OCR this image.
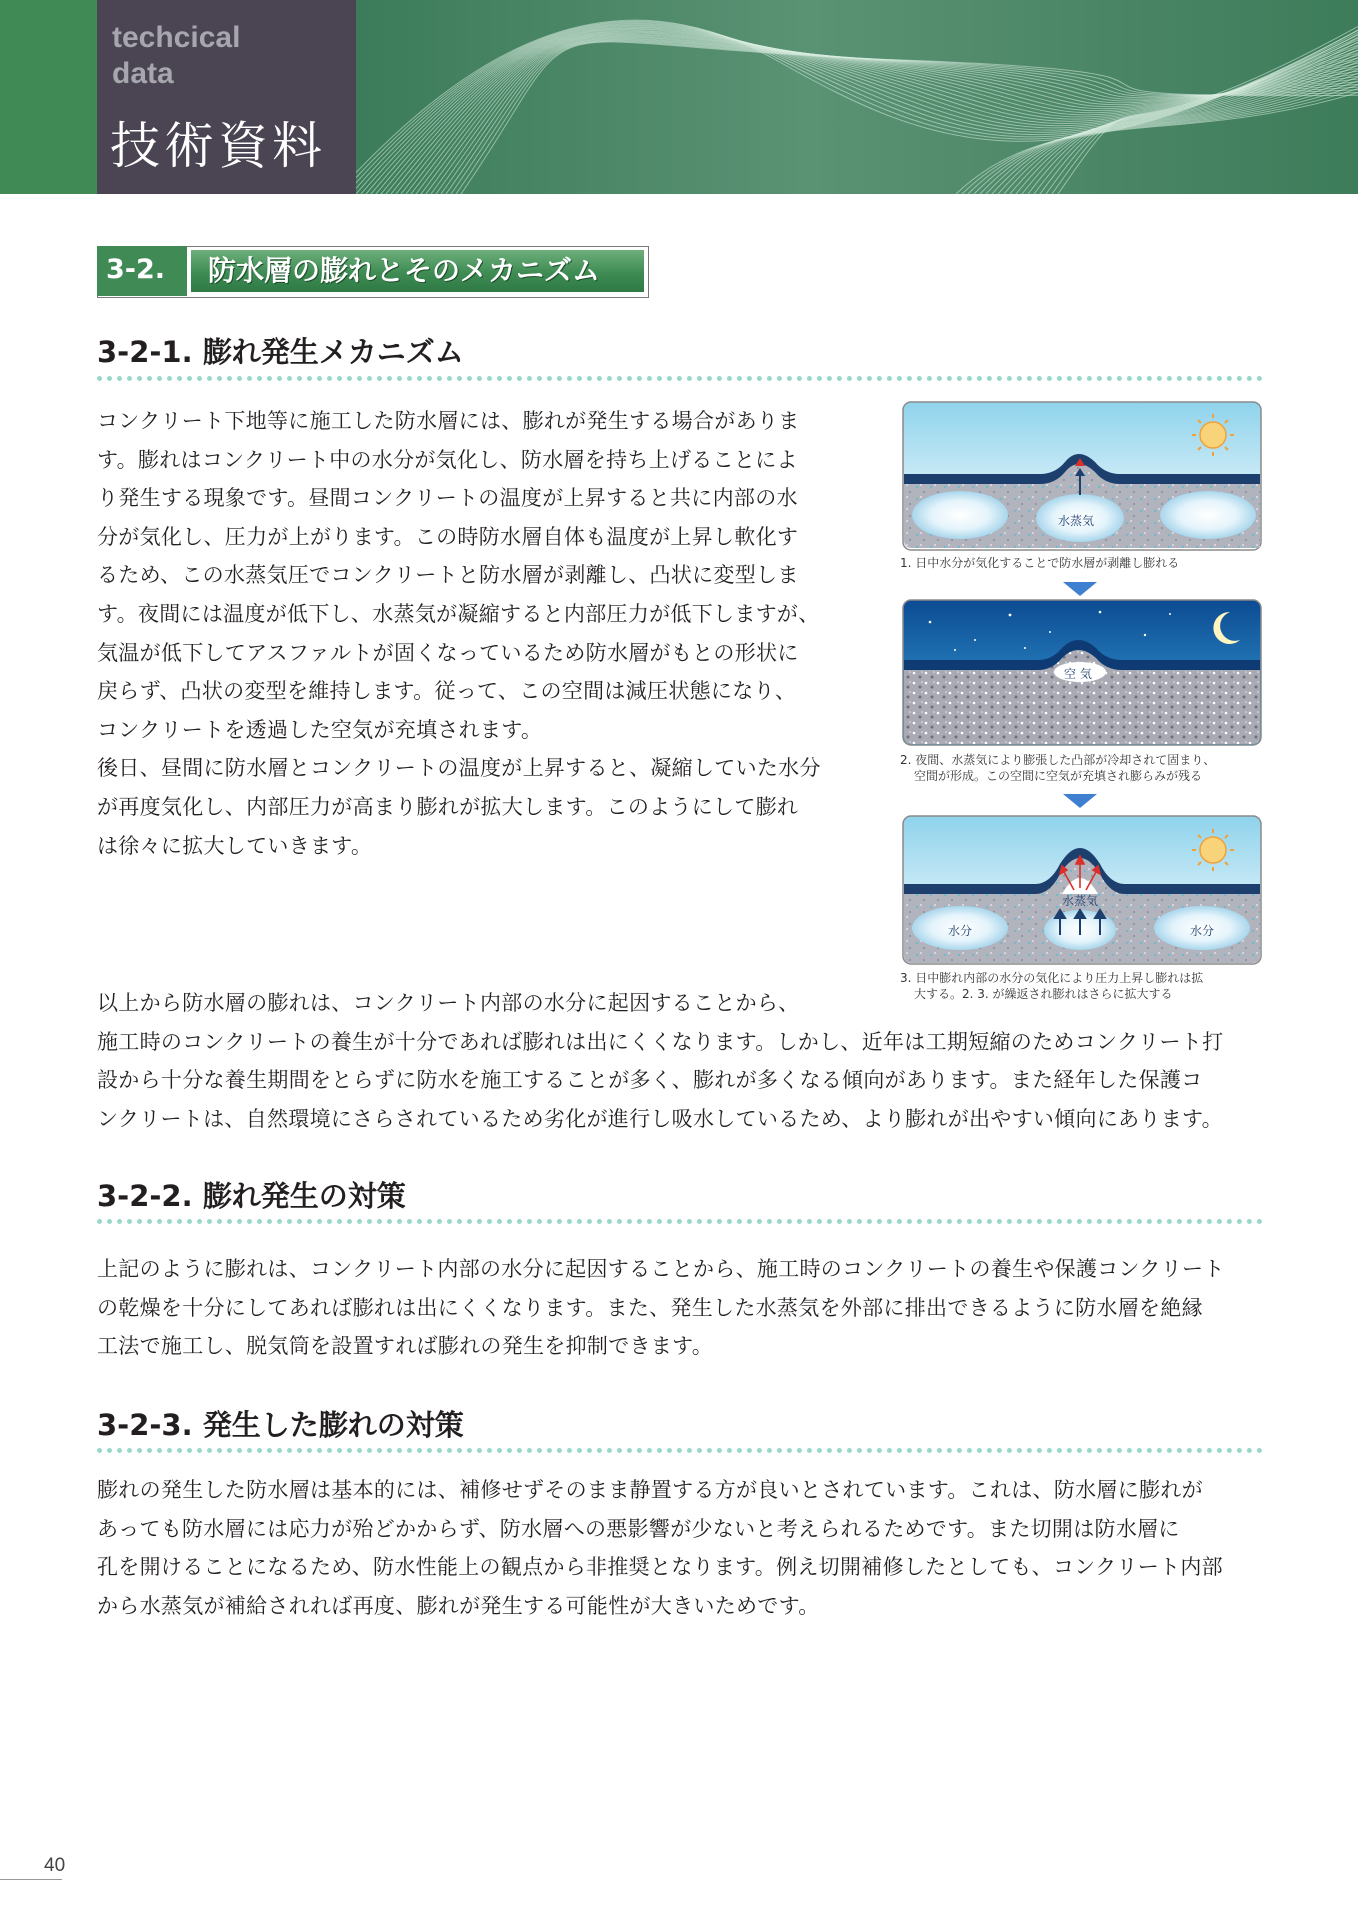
techcical
data

技術資料

3-2. 防水層の膨れとそのメカニズム
3-2-1. 膨れ発生メカニズム
コンクリート下地等に施工した防水層には、膨れが発生する場合がありま
す。膨れはコンクリート中の水分が気化し、防水層を持ち上げることによ
り発生する現象です。昼間コンクリートの温度が上昇すると共に内部の水
分が気化し、圧力が上がります。この時防水層自体も温度が上昇し軟化す
るため、この水蒸気圧でコンクリートと防水層が剥離し、凸状に変型しま
す。夜間には温度が低下し、水蒸気が凝縮すると内部圧力が低下しますが、
気温が低下してアスファルトが固くなっているため防水層がもとの形状に
戻らず、凸状の変型を維持します。従って、この空間は減圧状態になり、
コンクリートを透過した空気が充填されます。
後日、昼間に防水層とコンクリートの温度が上昇すると、凝縮していた水分
が再度気化し、内部圧力が高まり膨れが拡大します。このようにして膨れ
は徐々に拡大していきます。
水蒸気

1. 日中水分が気化することで防水層が剥離し膨れる

空 気

2. 夜間、水蒸気により膨張した凸部が冷却されて固まり、

空間が形成。この空間に空気が充填され膨らみが残る

水蒸気
水分	水分

3. 日中膨れ内部の水分の気化により圧力上昇し膨れは拡

大する。2. 3. が繰返され膨れはさらに拡大する

以上から防水層の膨れは、コンクリート内部の水分に起因することから、
施工時のコンクリートの養生が十分であれば膨れは出にくくなります。しかし、近年は工期短縮のためコンクリート打
設から十分な養生期間をとらずに防水を施工することが多く、膨れが多くなる傾向があります。また経年した保護コ
ンクリートは、自然環境にさらされているため劣化が進行し吸水しているため、より膨れが出やすい傾向にあります。
3-2-2. 膨れ発生の対策
上記のように膨れは、コンクリート内部の水分に起因することから、施工時のコンクリートの養生や保護コンクリート
の乾燥を十分にしてあれば膨れは出にくくなります。また、発生した水蒸気を外部に排出できるように防水層を絶縁
工法で施工し、脱気筒を設置すれば膨れの発生を抑制できます。
3-2-3. 発生した膨れの対策
膨れの発生した防水層は基本的には、補修せずそのまま静置する方が良いとされています。これは、防水層に膨れが
あっても防水層には応力が殆どかからず、防水層への悪影響が少ないと考えられるためです。また切開は防水層に
孔を開けることになるため、防水性能上の観点から非推奨となります。例え切開補修したとしても、コンクリート内部
から水蒸気が補給されれば再度、膨れが発生する可能性が大きいためです。
40
